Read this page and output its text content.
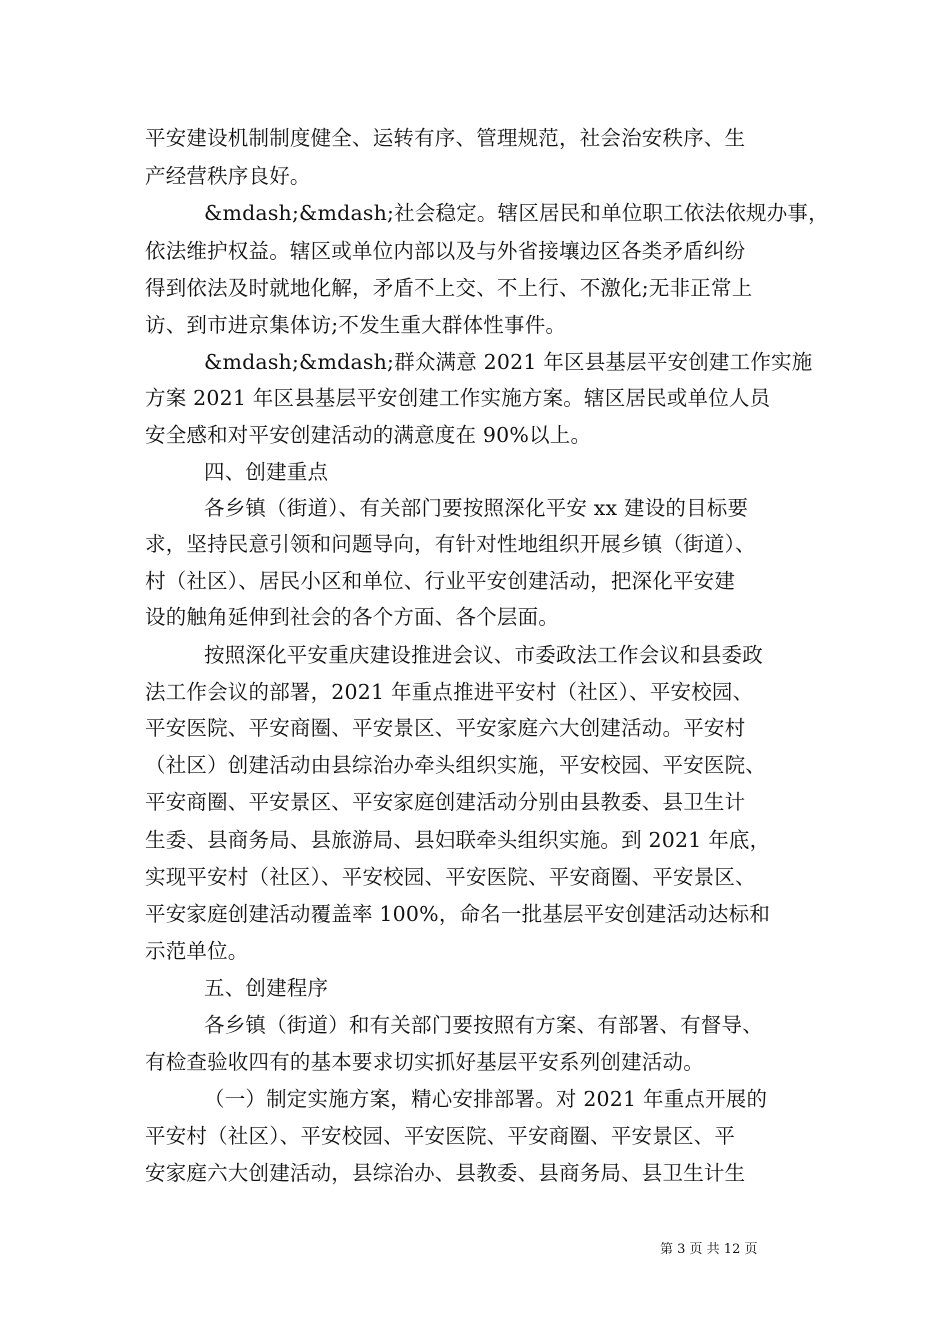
平安建设机制制度健全、运转有序、管理规范，社会治安秩序、生
产经营秩序良好。
&mdash;&mdash;社会稳定。辖区居民和单位职工依法依规办事，
依法维护权益。辖区或单位内部以及与外省接壤边区各类矛盾纠纷
得到依法及时就地化解，矛盾不上交、不上行、不激化;无非正常上
访、到市进京集体访;不发生重大群体性事件。
&mdash;&mdash;群众满意 2021 年区县基层平安创建工作实施
方案 2021 年区县基层平安创建工作实施方案。辖区居民或单位人员
安全感和对平安创建活动的满意度在 90%以上。
四、创建重点
各乡镇（街道）、有关部门要按照深化平安 xx 建设的目标要
求，坚持民意引领和问题导向，有针对性地组织开展乡镇（街道）、
村（社区）、居民小区和单位、行业平安创建活动，把深化平安建
设的触角延伸到社会的各个方面、各个层面。
按照深化平安重庆建设推进会议、市委政法工作会议和县委政
法工作会议的部署，2021 年重点推进平安村（社区）、平安校园、
平安医院、平安商圈、平安景区、平安家庭六大创建活动。平安村
（社区）创建活动由县综治办牵头组织实施，平安校园、平安医院、
平安商圈、平安景区、平安家庭创建活动分别由县教委、县卫生计
生委、县商务局、县旅游局、县妇联牵头组织实施。到 2021 年底，
实现平安村（社区）、平安校园、平安医院、平安商圈、平安景区、
平安家庭创建活动覆盖率 100%，命名一批基层平安创建活动达标和
示范单位。
五、创建程序
各乡镇（街道）和有关部门要按照有方案、有部署、有督导、
有检查验收四有的基本要求切实抓好基层平安系列创建活动。
（一）制定实施方案，精心安排部署。对 2021 年重点开展的
平安村（社区）、平安校园、平安医院、平安商圈、平安景区、平
安家庭六大创建活动，县综治办、县教委、县商务局、县卫生计生
第 3 页 共 12 页
